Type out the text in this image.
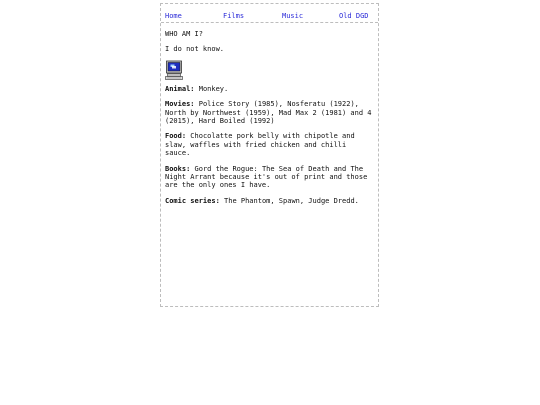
Home	Films	Music	Old DGD

WHO AM I?

I do not know.

Animal: Monkey.

Movies: Police Story (1985), Nosferatu (1922), North by Northwest (1959), Mad Max 2 (1981) and 4 (2015), Hard Boiled (1992)

Food: Chocolatte pork belly with chipotle and slaw, waffles with fried chicken and chilli sauce.

Books: Gord the Rogue: The Sea of Death and The Night Arrant because it's out of print and those are the only ones I have.

Comic series: The Phantom, Spawn, Judge Dredd.
